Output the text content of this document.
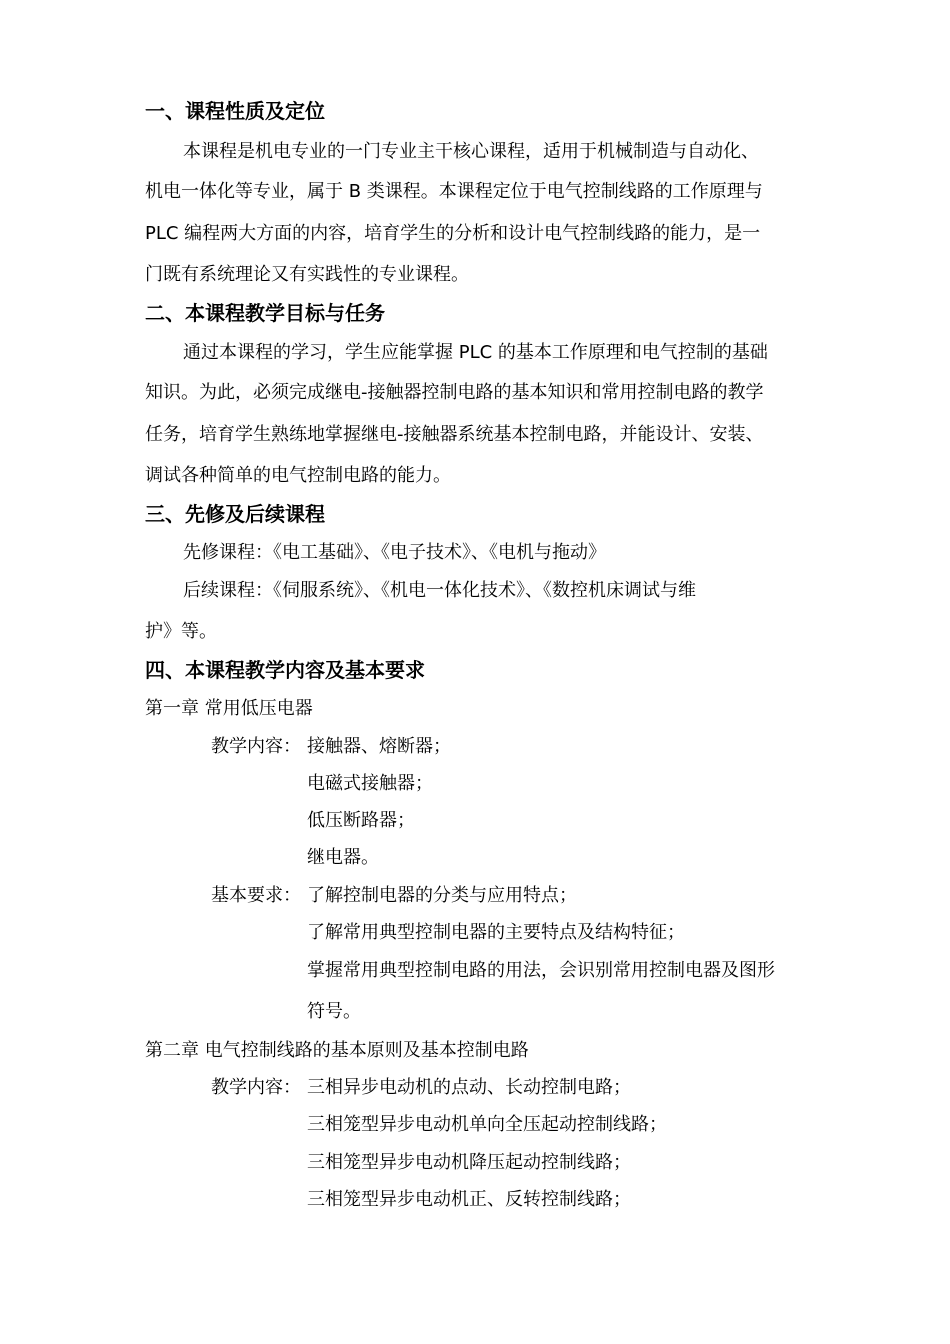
一、课程性质及定位
本课程是机电专业的一门专业主干核心课程，适用于机械制造与自动化、
机电一体化等专业，属于 B 类课程。本课程定位于电气控制线路的工作原理与
PLC 编程两大方面的内容，培育学生的分析和设计电气控制线路的能力，是一
门既有系统理论又有实践性的专业课程。
二、本课程教学目标与任务
通过本课程的学习，学生应能掌握 PLC 的基本工作原理和电气控制的基础
知识。为此，必须完成继电-接触器控制电路的基本知识和常用控制电路的教学
任务，培育学生熟练地掌握继电-接触器系统基本控制电路，并能设计、安装、
调试各种简单的电气控制电路的能力。
三、先修及后续课程
先修课程：《电工基础》、《电子技术》、《电机与拖动》
后续课程：《伺服系统》、《机电一体化技术》、《数控机床调试与维
护》等。
四、本课程教学内容及基本要求
第一章 常用低压电器
教学内容： 接触器、熔断器；
电磁式接触器；
低压断路器；
继电器。
基本要求： 了解控制电器的分类与应用特点；
了解常用典型控制电器的主要特点及结构特征；
掌握常用典型控制电路的用法，会识别常用控制电器及图形
符号。
第二章 电气控制线路的基本原则及基本控制电路
教学内容： 三相异步电动机的点动、长动控制电路；
三相笼型异步电动机单向全压起动控制线路；
三相笼型异步电动机降压起动控制线路；
三相笼型异步电动机正、反转控制线路；
